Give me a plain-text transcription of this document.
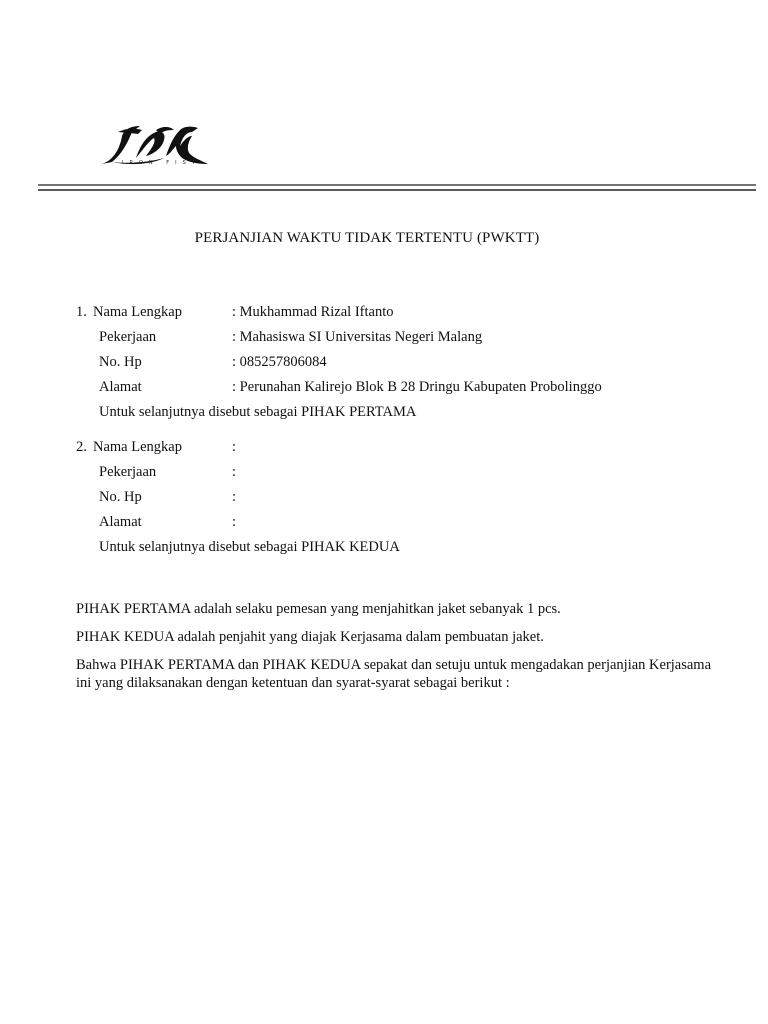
IRON FIST
PERJANJIAN WAKTU TIDAK TERTENTU (PWKTT)
1. Nama Lengkap	: Mukhammad Rizal Iftanto
Pekerjaan	: Mahasiswa SI Universitas Negeri Malang
No. Hp	: 085257806084
Alamat	: Perunahan Kalirejo Blok B 28 Dringu Kabupaten Probolinggo
Untuk selanjutnya disebut sebagai PIHAK PERTAMA
2. Nama Lengkap	:
Pekerjaan	:
No. Hp	:
Alamat	:
Untuk selanjutnya disebut sebagai PIHAK KEDUA
PIHAK PERTAMA adalah selaku pemesan yang menjahitkan jaket sebanyak 1 pcs.
PIHAK KEDUA adalah penjahit yang diajak Kerjasama dalam pembuatan jaket.
Bahwa PIHAK PERTAMA dan PIHAK KEDUA sepakat dan setuju untuk mengadakan perjanjian Kerjasama ini yang dilaksanakan dengan ketentuan dan syarat-syarat sebagai berikut :
